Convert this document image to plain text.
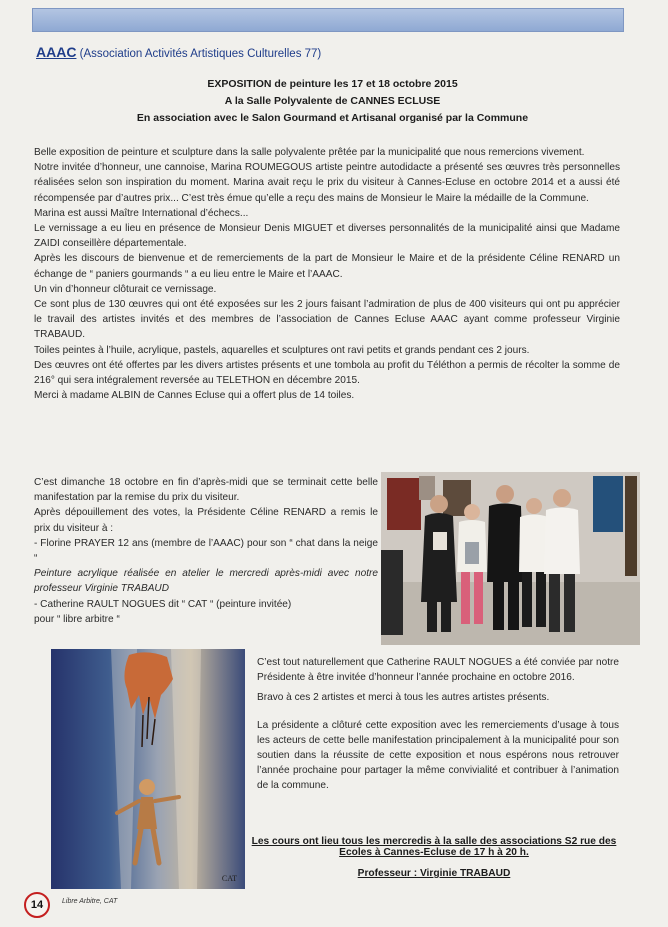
AAAC (Association Activités Artistiques Culturelles 77)
EXPOSITION de peinture les 17 et 18 octobre 2015
A la Salle Polyvalente de CANNES ECLUSE
En association avec le Salon Gourmand et Artisanal organisé par la Commune

Belle exposition de peinture et sculpture dans la salle polyvalente prêtée par la municipalité que nous remercions vivement.

Notre invitée d’honneur, une cannoise, Marina ROUMEGOUS artiste peintre autodidacte a présenté ses œuvres très personnelles réalisées selon son inspiration du moment. Marina avait reçu le prix du visiteur à Cannes-Ecluse en octobre 2014 et a aussi été récompensée par d’autres prix... C’est très émue qu’elle a reçu des mains de Monsieur le Maire la médaille de la Commune.

Marina est aussi Maître International d’échecs...

Le vernissage a eu lieu en présence de Monsieur Denis MIGUET et diverses personnalités de la municipalité ainsi que Madame ZAIDI conseillère départementale.

Après les discours de bienvenue et de remerciements de la part de Monsieur le Maire et de la présidente Céline RENARD un échange de “ paniers gourmands “ a eu lieu entre le Maire et l’AAAC.

Un vin d’honneur clôturait ce vernissage.

Ce sont plus de 130 œuvres qui ont été exposées sur les 2 jours faisant l’admiration de plus de 400 visiteurs qui ont pu apprécier le travail des artistes invités et des membres de l’association de Cannes Ecluse AAAC ayant comme professeur Virginie TRABAUD.

Toiles peintes à l’huile, acrylique, pastels, aquarelles et sculptures ont ravi petits et grands pendant ces 2 jours.

Des œuvres ont été offertes par les divers artistes présents et une tombola au profit du Téléthon a permis de récolter la somme de 216° qui sera intégralement reversée au TELETHON en décembre 2015.

Merci à madame ALBIN de Cannes Ecluse qui a offert plus de 14 toiles.

C’est dimanche 18 octobre en fin d’après-midi que se terminait cette belle manifestation par la remise du prix du visiteur.

Après dépouillement des votes, la Présidente Céline RENARD a remis le prix du visiteur à :

- Florine PRAYER 12 ans (membre de l’AAAC) pour son “ chat dans la neige “

Peinture acrylique réalisée en atelier le mercredi après-midi avec notre professeur Virginie TRABAUD

- Catherine RAULT NOGUES dit “ CAT “ (peinture invitée)

pour “ libre arbitre “

CAT

C’est tout naturellement que Catherine RAULT NOGUES a été conviée par notre Présidente à être invitée d’honneur l’année prochaine en octobre 2016.

Bravo à ces 2 artistes et merci à tous les autres artistes présents.

La présidente a clôturé cette exposition avec les remerciements d’usage à tous les acteurs de cette belle manifestation principalement à la municipalité pour son soutien dans la réussite de cette exposition et nous espérons nous retrouver l’année prochaine pour partager la même convivialité et contribuer à l’animation de la commune.

Les cours ont lieu tous les mercredis à la salle des associations S2 rue des Ecoles à Cannes-Ecluse de 17 h à 20 h.
Professeur : Virginie TRABAUD
14	Libre Arbitre, CAT
